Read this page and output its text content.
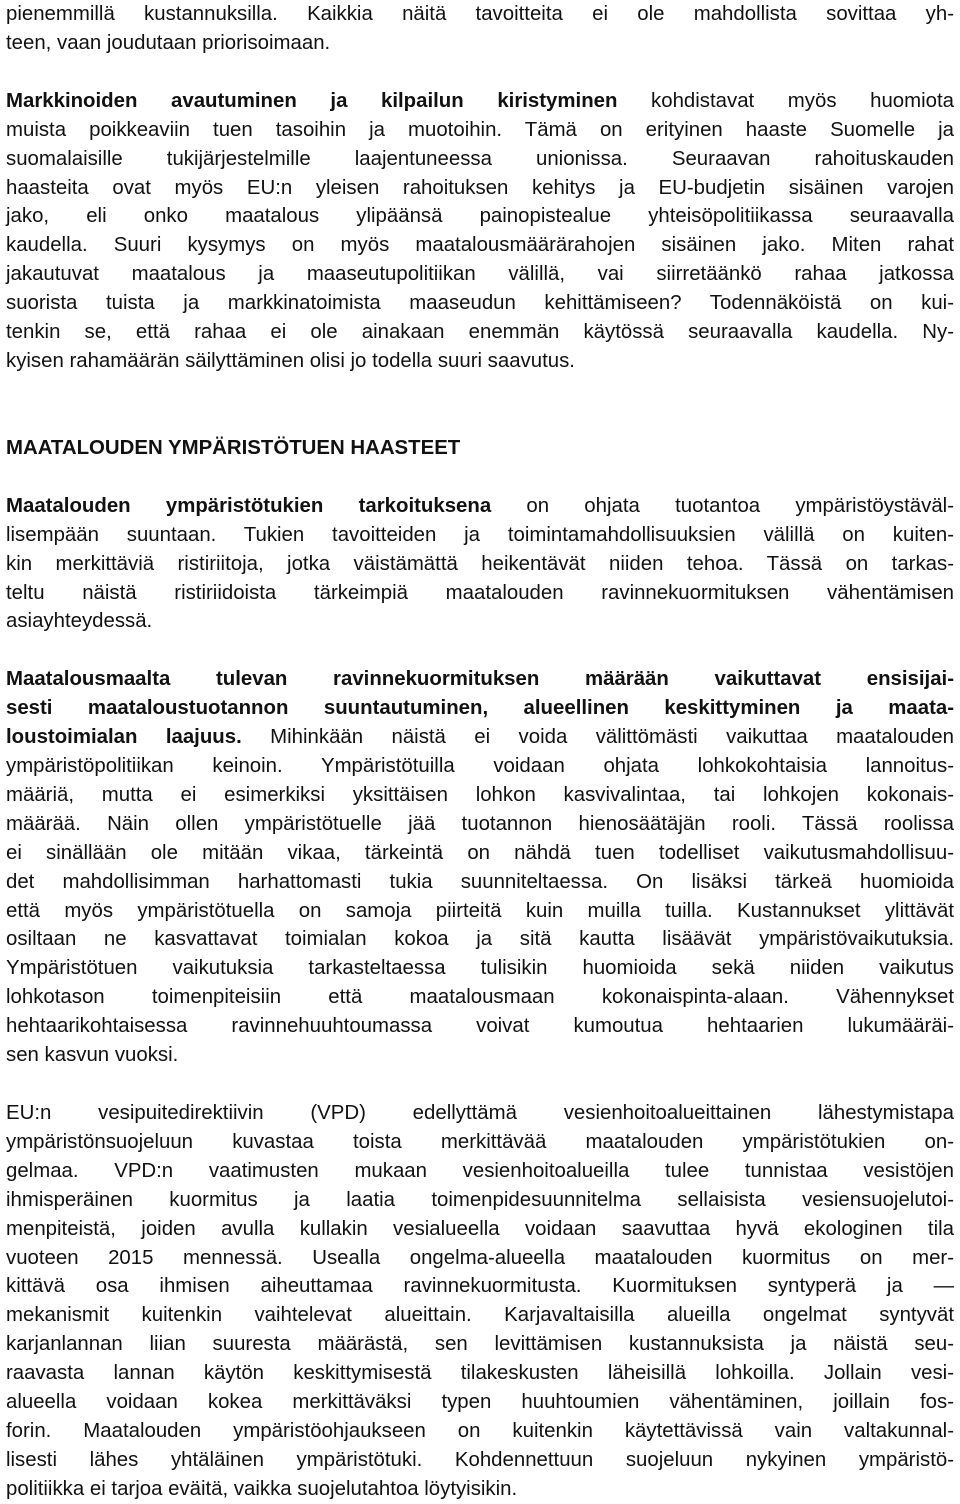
pienemmillä kustannuksilla. Kaikkia näitä tavoitteita ei ole mahdollista sovittaa yh-
teen, vaan joudutaan priorisoimaan.
Markkinoiden avautuminen ja kilpailun kiristyminen kohdistavat myös huomiota
muista poikkeaviin tuen tasoihin ja muotoihin. Tämä on erityinen haaste Suomelle ja
suomalaisille tukijärjestelmille laajentuneessa unionissa. Seuraavan rahoituskauden
haasteita ovat myös EU:n yleisen rahoituksen kehitys ja EU-budjetin sisäinen varojen
jako, eli onko maatalous ylipäänsä painopistealue yhteisöpolitiikassa seuraavalla
kaudella. Suuri kysymys on myös maatalousmäärärahojen sisäinen jako. Miten rahat
jakautuvat maatalous ja maaseutupolitiikan välillä, vai siirretäänkö rahaa jatkossa
suorista tuista ja markkinatoimista maaseudun kehittämiseen? Todennäköistä on kui-
tenkin se, että rahaa ei ole ainakaan enemmän käytössä seuraavalla kaudella. Ny-
kyisen rahamäärän säilyttäminen olisi jo todella suuri saavutus.
MAATALOUDEN YMPÄRISTÖTUEN HAASTEET
Maatalouden ympäristötukien tarkoituksena on ohjata tuotantoa ympäristöystäväl-
lisempään suuntaan. Tukien tavoitteiden ja toimintamahdollisuuksien välillä on kuiten-
kin merkittäviä ristiriitoja, jotka väistämättä heikentävät niiden tehoa. Tässä on tarkas-
teltu näistä ristiriidoista tärkeimpiä maatalouden ravinnekuormituksen vähentämisen
asiayhteydessä.
Maatalousmaalta tulevan ravinnekuormituksen määrään vaikuttavat ensisijai-
sesti maataloustuotannon suuntautuminen, alueellinen keskittyminen ja maata-
loustoimialan laajuus. Mihinkään näistä ei voida välittömästi vaikuttaa maatalouden
ympäristöpolitiikan keinoin. Ympäristötuilla voidaan ohjata lohkokohtaisia lannoitus-
määriä, mutta ei esimerkiksi yksittäisen lohkon kasvivalintaa, tai lohkojen kokonais-
määrää. Näin ollen ympäristötuelle jää tuotannon hienosäätäjän rooli. Tässä roolissa
ei sinällään ole mitään vikaa, tärkeintä on nähdä tuen todelliset vaikutusmahdollisuu-
det mahdollisimman harhattomasti tukia suunniteltaessa. On lisäksi tärkeä huomioida
että myös ympäristötuella on samoja piirteitä kuin muilla tuilla. Kustannukset ylittävät
osiltaan ne kasvattavat toimialan kokoa ja sitä kautta lisäävät ympäristövaikutuksia.
Ympäristötuen vaikutuksia tarkasteltaessa tulisikin huomioida sekä niiden vaikutus
lohkotason toimenpiteisiin että maatalousmaan kokonaispinta-alaan. Vähennykset
hehtaarikohtaisessa ravinnehuuhtoumassa voivat kumoutua hehtaarien lukumääräi-
sen kasvun vuoksi.
EU:n vesipuitedirektiivin (VPD) edellyttämä vesienhoitoalueittainen lähestymistapa
ympäristönsuojeluun kuvastaa toista merkittävää maatalouden ympäristötukien on-
gelmaa. VPD:n vaatimusten mukaan vesienhoitoalueilla tulee tunnistaa vesistöjen
ihmisperäinen kuormitus ja laatia toimenpidesuunnitelma sellaisista vesiensuojelutoi-
menpiteistä, joiden avulla kullakin vesialueella voidaan saavuttaa hyvä ekologinen tila
vuoteen 2015 mennessä. Usealla ongelma-alueella maatalouden kuormitus on mer-
kittävä osa ihmisen aiheuttamaa ravinnekuormitusta. Kuormituksen syntyperä ja —
mekanismit kuitenkin vaihtelevat alueittain. Karjavaltaisilla alueilla ongelmat syntyvät
karjanlannan liian suuresta määrästä, sen levittämisen kustannuksista ja näistä seu-
raavasta lannan käytön keskittymisestä tilakeskusten läheisillä lohkoilla. Jollain vesi-
alueella voidaan kokea merkittäväksi typen huuhtoumien vähentäminen, joillain fos-
forin. Maatalouden ympäristöohjaukseen on kuitenkin käytettävissä vain valtakunnal-
lisesti lähes yhtäläinen ympäristötuki. Kohdennettuun suojeluun nykyinen ympäristö-
politiikka ei tarjoa eväitä, vaikka suojelutahtoa löytyisikin.
